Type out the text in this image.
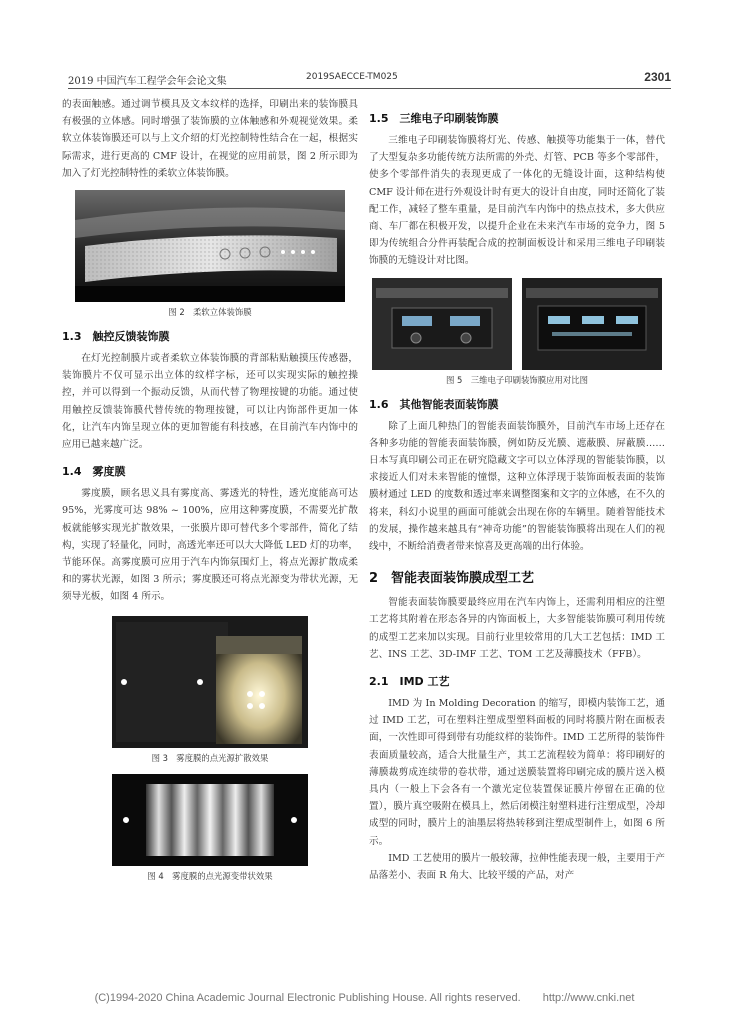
2019 中国汽车工程学会年会论文集	2019SAECCE-TM025	2301

的表面触感。通过调节模具及文本纹样的选择，印刷出来的装饰膜具有极强的立体感。同时增强了装饰膜的立体触感和外观视觉效果。柔软立体装饰膜还可以与上文介绍的灯光控制特性结合在一起，根据实际需求，进行更高的 CMF 设计，在视觉的应用前景，图 2 所示即为加入了灯光控制特性的柔软立体装饰膜。

图 2　柔软立体装饰膜
1.3　触控反馈装饰膜

在灯光控制膜片或者柔软立体装饰膜的背部粘贴触摸压传感器，装饰膜片不仅可显示出立体的纹样字标，还可以实现实际的触控操控，并可以得到一个振动反馈，从而代替了物理按键的功能。通过使用触控反馈装饰膜代替传统的物理按键，可以让内饰部件更加一体化，让汽车内饰呈现立体的更加智能有科技感，在目前汽车内饰中的应用已越来越广泛。

1.4　雾度膜

雾度膜，顾名思义具有雾度高、雾透光的特性，透光度能高可达 95%，光雾度可达 98% ~ 100%，应用这种雾度膜，不需要光扩散板就能够实现光扩散效果，一张膜片即可替代多个零部件，简化了结构，实现了轻量化，同时，高透光率还可以大大降低 LED 灯的功率，节能环保。高雾度膜可应用于汽车内饰氛围灯上，将点光源扩散成柔和的雾状光源，如图 3 所示；雾度膜还可将点光源变为带状光源，无须导光板，如图 4 所示。

图 3　雾度膜的点光源扩散效果
图 4　雾度膜的点光源变带状效果
1.5　三维电子印刷装饰膜

三维电子印刷装饰膜将灯光、传感、触摸等功能集于一体，替代了大型复杂多功能传统方法所需的外壳、灯管、PCB 等多个零部件，使多个零部件消失的表现更成了一体化的无缝设计面，这种结构使 CMF 设计师在进行外观设计时有更大的设计自由度，同时还简化了装配工作，减轻了整车重量，是目前汽车内饰中的热点技术，多大供应商、车厂都在积极开发，以提升企业在未来汽车市场的竞争力，图 5 即为传统组合分件再装配合成的控制面板设计和采用三维电子印刷装饰膜的无缝设计对比图。

图 5　三维电子印刷装饰膜应用对比图
1.6　其他智能表面装饰膜

除了上面几种热门的智能表面装饰膜外，目前汽车市场上还存在各种多功能的智能表面装饰膜，例如防反光膜、遮蔽膜、屏蔽膜……日本写真印刷公司正在研究隐藏文字可以立体浮现的智能装饰膜，以求接近人们对未来智能的憧憬，这种立体浮现于装饰面板表面的装饰膜材通过 LED 的度数和透过率来调整图案和文字的立体感，在不久的将来，科幻小说里的画面可能就会出现在你的车辆里。随着智能技术的发展，操作越来越具有“神奇功能”的智能装饰膜将出现在人们的视线中，不断给消费者带来惊喜及更高端的出行体验。

2　智能表面装饰膜成型工艺

智能表面装饰膜要最终应用在汽车内饰上，还需利用相应的注塑工艺将其附着在形态各异的内饰面板上，大多智能装饰膜可利用传统的成型工艺来加以实现。目前行业里较常用的几大工艺包括：IMD 工艺、INS 工艺、3D-IMF 工艺、TOM 工艺及薄膜技术（FFB）。

2.1　IMD 工艺

IMD 为 In Molding Decoration 的缩写，即模内装饰工艺，通过 IMD 工艺，可在塑料注塑成型塑料面板的同时将膜片附在面板表面，一次性即可得到带有功能纹样的装饰件。IMD 工艺所得的装饰件表面质量较高，适合大批量生产，其工艺流程较为简单：将印刷好的薄膜裁剪成连续带的卷状带，通过送膜装置将印刷完成的膜片送入模具内（一般上下会各有一个激光定位装置保证膜片停留在正确的位置），膜片真空吸附在模具上，然后闭模注射塑料进行注塑成型，冷却成型的同时，膜片上的油墨层将热转移到注塑成型制件上，如图 6 所示。

IMD 工艺使用的膜片一般较薄，拉伸性能表现一般，主要用于产品落差小、表面 R 角大、比较平缓的产品，对产

(C)1994-2020 China Academic Journal Electronic Publishing House. All rights reserved.　　http://www.cnki.net
